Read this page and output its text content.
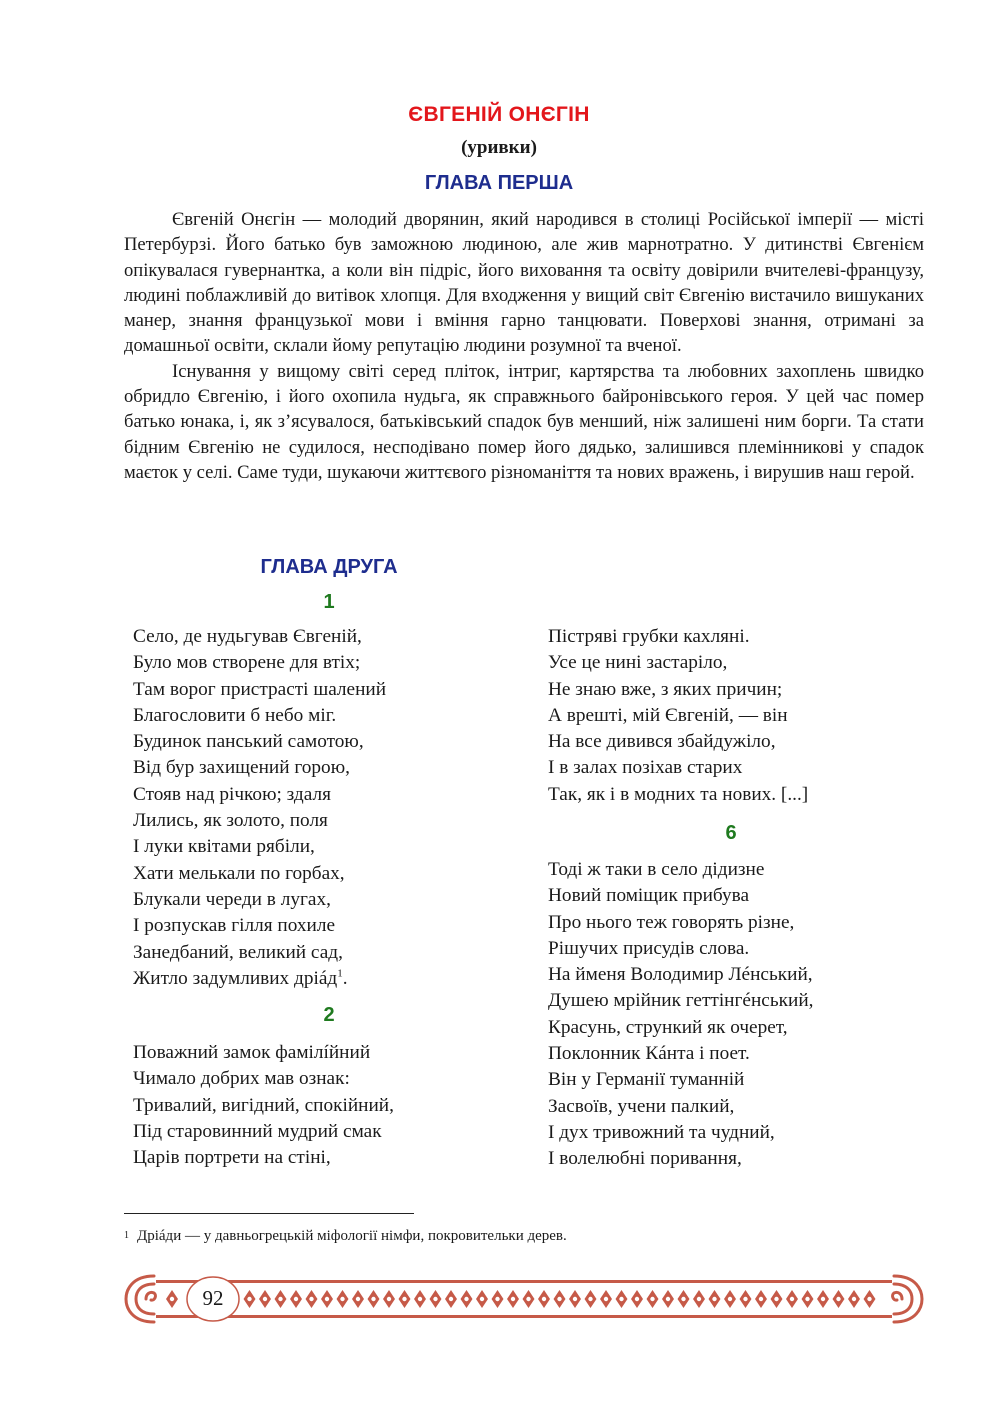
ЄВГЕНІЙ ОНЄГІН
(уривки)
ГЛАВА ПЕРША

Євгеній Онєгін — молодий дворянин, який народився в столиці Російської імперії — місті Петербурзі. Його батько був заможною людиною, але жив марнотратно. У дитинстві Євгенієм опікувалася гувернантка, а коли він підріс, його виховання та освіту довірили вчителеві-французу, людині поблажливій до витівок хлопця. Для входження у вищий світ Євгенію вистачило вишуканих манер, знання французької мови і вміння гарно танцювати. Поверхові знання, отримані за домашньої освіти, склали йому репутацію людини розумної та вченої.

Існування у вищому світі серед пліток, інтриг, картярства та любовних захоплень швидко обридло Євгенію, і його охопила нудьга, як справжнього байронівського героя. У цей час помер батько юнака, і, як з’ясувалося, батьківський спадок був менший, ніж залишені ним борги. Та стати бідним Євгенію не судилося, несподівано помер його дядько, залишився племінникові у спадок маєток у селі. Саме туди, шукаючи життєвого різноманіття та нових вражень, і вирушив наш герой.

ГЛАВА ДРУГА
1
Село, де нудьгував Євгеній,
Було мов створене для втіх;
Там ворог пристрасті шалений
Благословити б небо міг.
Будинок панський самотою,
Від бур захищений горою,
Стояв над річкою; здаля
Лились, як золото, поля
І луки квітами рябіли,
Хати мелькали по горбах,
Блукали череди в лугах,
І розпускав гілля похиле
Занедбаний, великий сад,
Житло задумливих дріáд$^1$.
2
Поважний замок фамілíйний
Чимало добрих мав ознак:
Тривалий, вигідний, спокійний,
Під старовинний мудрий смак
Царів портрети на стіні,
Пістряві грубки кахляні.
Усе це нині застаріло,
Не знаю вже, з яких причин;
А врешті, мій Євгеній, — він
На все дивився збайдужіло,
І в залах позіхав старих
Так, як і в модних та нових. [...]
6
Тоді ж таки в село дідизне
Новий поміщик прибува
Про нього теж говорять різне,
Рішучих присудів слова.
На йменя Володимир Лéнський,
Душею мрійник геттінгéнський,
Красунь, стрункий як очерет,
Поклонник Кáнта і поет.
Він у Германії туманній
Засвоїв, учени палкий,
І дух тривожний та чудний,
І волелюбні поривання,
$^1$ Дріáди — у давньогрецькій міфології німфи, покровительки дерев.
92
